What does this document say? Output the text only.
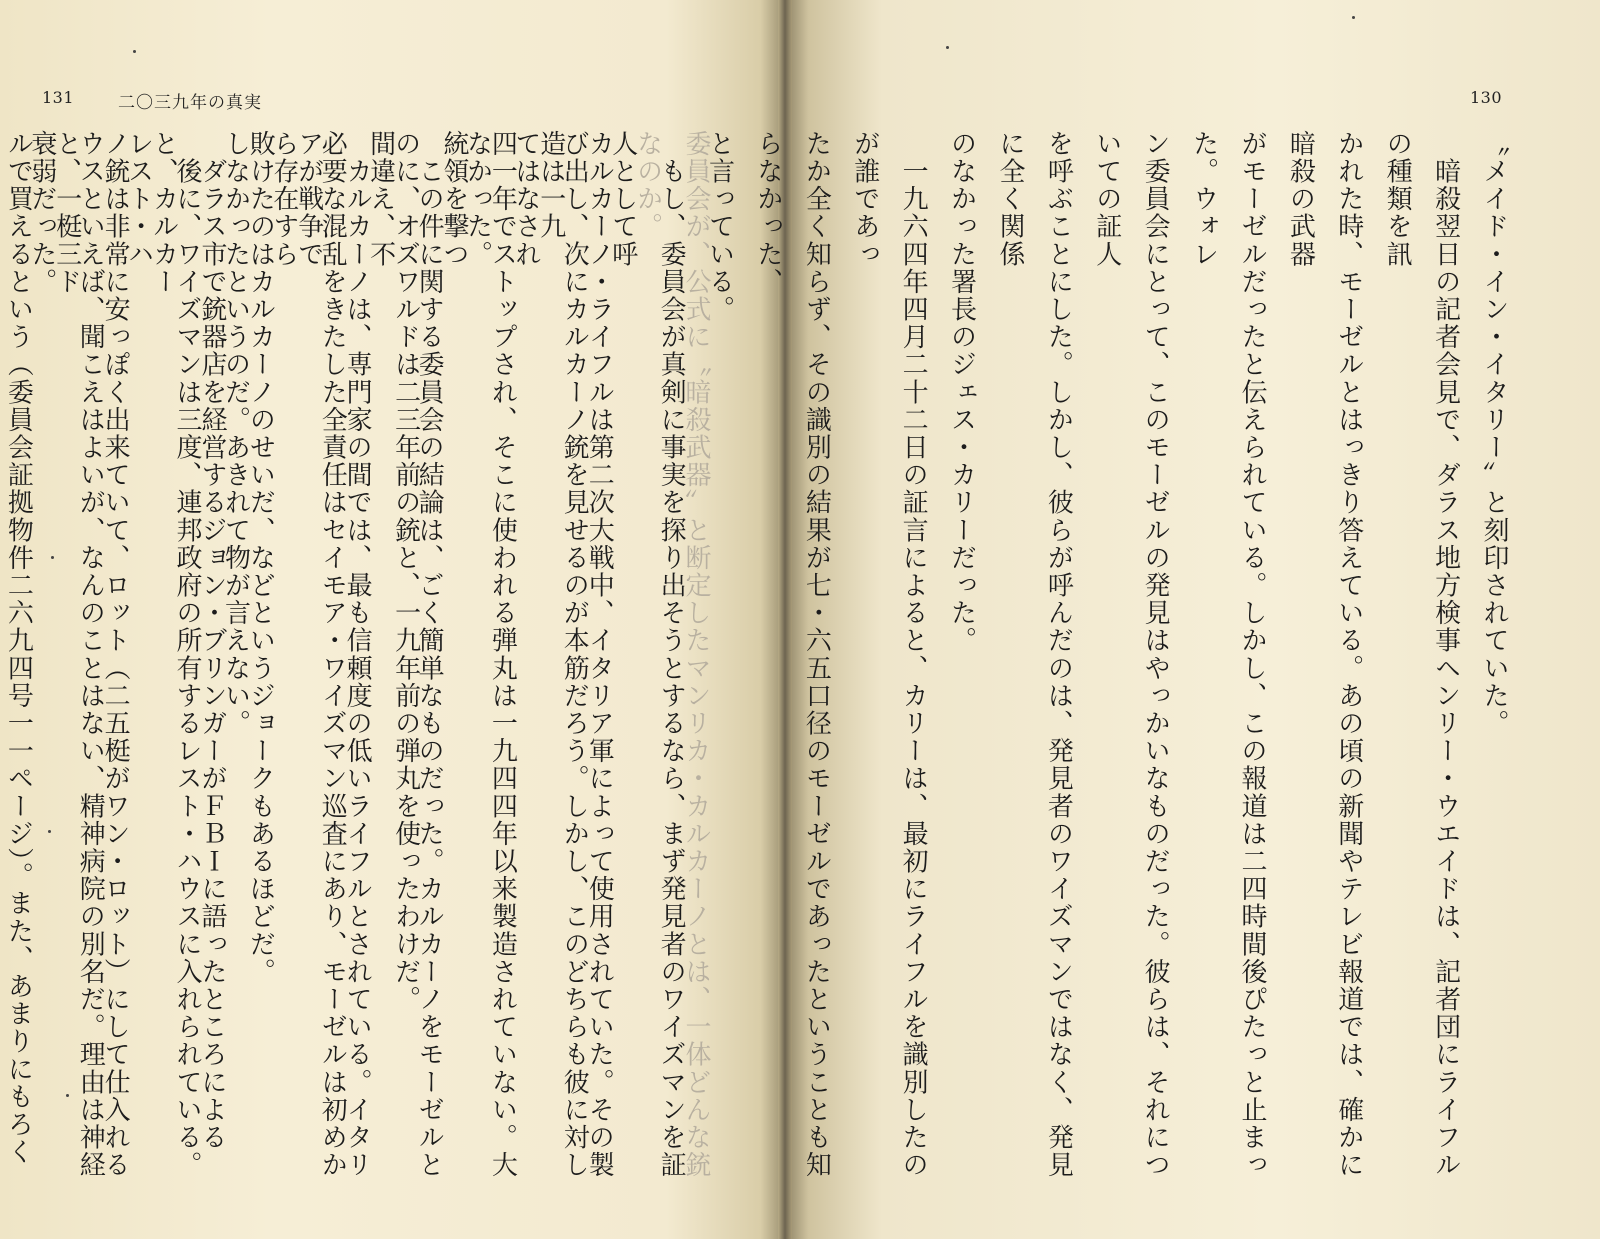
131	二〇三九年の真実	130

〝メイド・イン・イタリー〟と刻印されていた。

　暗殺翌日の記者会見で、ダラス地方検事ヘンリー・ウエイドは、記者団にライフルの種類を訊

かれた時、モーゼルとはっきり答えている。あの頃の新聞やテレビ報道では、確かに暗殺の武器

がモーゼルだったと伝えられている。しかし、この報道は二四時間後ぴたっと止まった。ウォレ

ン委員会にとって、このモーゼルの発見はやっかいなものだった。彼らは、それについての証人

を呼ぶことにした。しかし、彼らが呼んだのは、発見者のワイズマンではなく、発見に全く関係

のなかった署長のジェス・カリーだった。

　一九六四年四月二十二日の証言によると、カリーは、最初にライフルを識別したのが誰であっ

たか全く知らず、その識別の結果が七・六五口径のモーゼルであったということも知らなかった、

と言っている。

　もし、委員会が真剣に事実を探り出そうとするなら、まず発見者のワイズマンを証人として呼

び出し、次にカルカーノ銃を見せるのが本筋だろう。しかし、このどちらも彼に対してはなされ

なかった。

　この件に関する委員会の結論は、ごく簡単なものだった。カルカーノをモーゼルと間違え、不

必要な混乱をきたした全責任はセイモア・ワイズマン巡査にあり、モーゼルは初めから存在すら

しなかったというのだ。あきれて物が言えない。

　後に、ワイズマンは三度、連邦政府の所有するレスト・ハウスに入れられている。レスト・ハ

ウスといえば、聞こえはよいが、なんのことはない、精神病院の別名だ。理由は神経衰弱だった。	委員会が、公式に〝暗殺武器〟と断定したマンリカ・カルカーノとは、一体どんな銃なのか。

カルカーノ・ライフルは第二次大戦中、イタリア軍によって使用されていた。その製造は一九

四一年でストップされ、そこに使われる弾丸は一九四四年以来製造されていない。大統領を撃つ

のに、オズワルドは二三年前の銃と、一九年前の弾丸を使ったわけだ。

　カルカーノは、専門家の間では、最も信頼度の低いライフルとされている。イタリアが戦争で

敗けたのはカルカーノのせいだ、などというジョークもあるほどだ。

　ダラス市で銃器店を経営するジョン・ブリンガーがＦＢＩに語ったところによると、カルカー

ノ銃は非常に安っぽく出来ていて、ロット（二五梃がワン・ロット）にして仕入れると、一梃三ド

ルで買えるという（委員会証拠物件二六九四号一一ページ）。また、あまりにもろく
